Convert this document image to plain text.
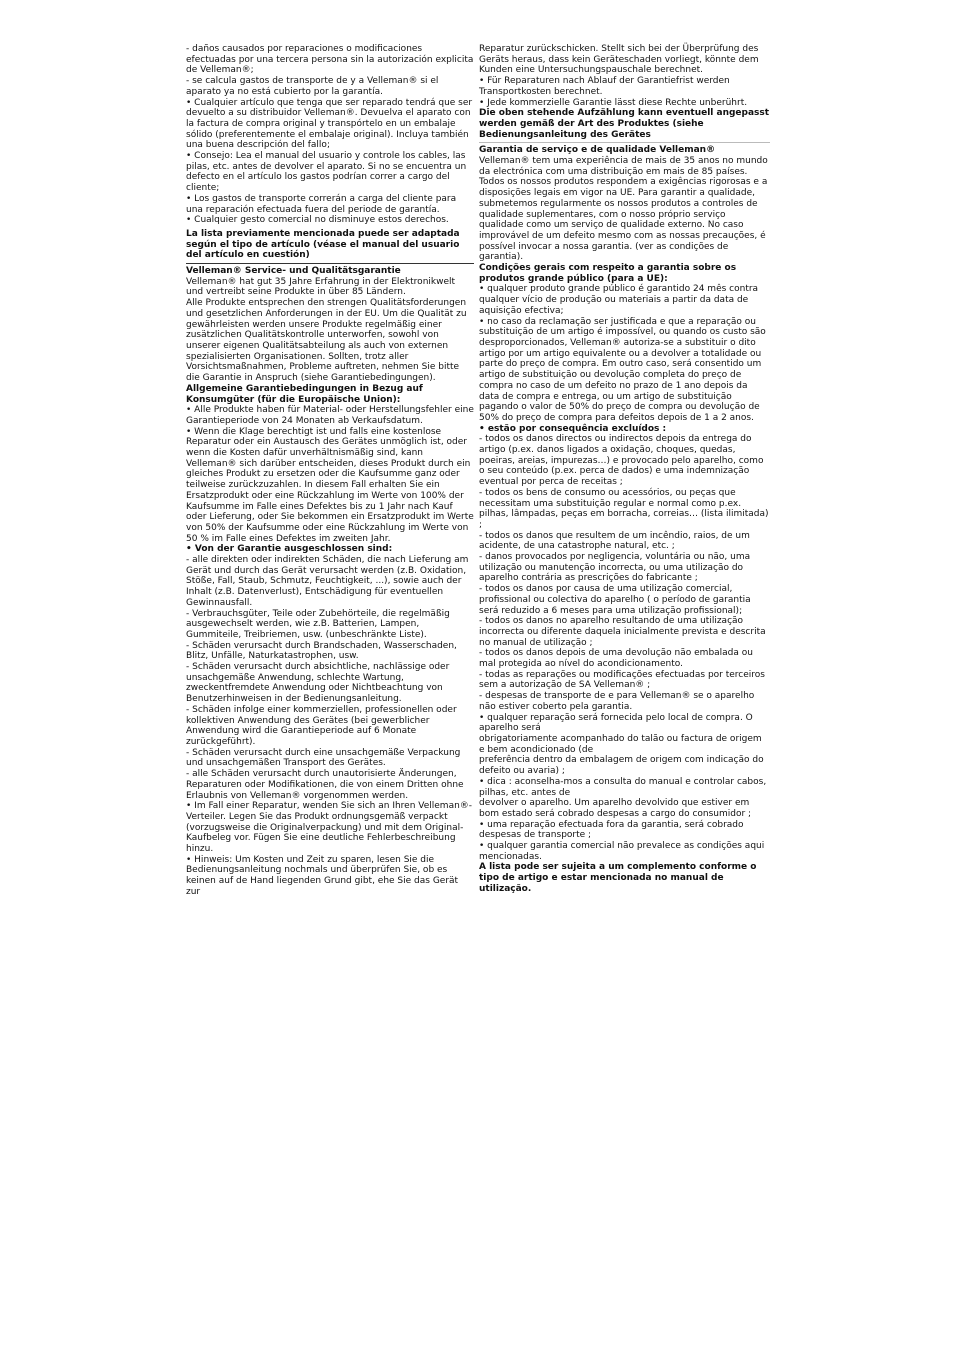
- daños causados por reparaciones o modificaciones efectuadas por una tercera persona sin la autorización explicita de Velleman®;

- se calcula gastos de transporte de y a Velleman® si el aparato ya no está cubierto por la garantía.

• Cualquier artículo que tenga que ser reparado tendrá que ser devuelto a su distribuidor Velleman®. Devuelva el aparato con la factura de compra original y transpórtelo en un embalaje sólido (preferentemente el embalaje original). Incluya también una buena descripción del fallo;

• Consejo: Lea el manual del usuario y controle los cables, las pilas, etc. antes de devolver el aparato. Si no se encuentra un defecto en el artículo los gastos podrían correr a cargo del cliente;

• Los gastos de transporte correrán a carga del cliente para una reparación efectuada fuera del periode de garantía.

• Cualquier gesto comercial no disminuye estos derechos.

La lista previamente mencionada puede ser adaptada según el tipo de artículo (véase el manual del usuario del artículo en cuestión)

Velleman® Service- und Qualitätsgarantie

Velleman® hat gut 35 Jahre Erfahrung in der Elektronikwelt und vertreibt seine Produkte in über 85 Ländern.

Alle Produkte entsprechen den strengen Qualitätsforderungen und gesetzlichen Anforderungen in der EU. Um die Qualität zu gewährleisten werden unsere Produkte regelmäßig einer zusätzlichen Qualitätskontrolle unterworfen, sowohl von unserer eigenen Qualitätsabteilung als auch von externen spezialisierten Organisationen. Sollten, trotz aller Vorsichtsmaßnahmen, Probleme auftreten, nehmen Sie bitte die Garantie in Anspruch (siehe Garantiebedingungen).

Allgemeine Garantiebedingungen in Bezug auf Konsumgüter (für die Europäische Union):

• Alle Produkte haben für Material- oder Herstellungsfehler eine Garantieperiode von 24 Monaten ab Verkaufsdatum.

• Wenn die Klage berechtigt ist und falls eine kostenlose Reparatur oder ein Austausch des Gerätes unmöglich ist, oder wenn die Kosten dafür unverhältnismäßig sind, kann Velleman® sich darüber entscheiden, dieses Produkt durch ein gleiches Produkt zu ersetzen oder die Kaufsumme ganz oder teilweise zurückzuzahlen. In diesem Fall erhalten Sie ein Ersatzprodukt oder eine Rückzahlung im Werte von 100% der Kaufsumme im Falle eines Defektes bis zu 1 Jahr nach Kauf oder Lieferung, oder Sie bekommen ein Ersatzprodukt im Werte von 50% der Kaufsumme oder eine Rückzahlung im Werte von 50 % im Falle eines Defektes im zweiten Jahr.

• Von der Garantie ausgeschlossen sind:

- alle direkten oder indirekten Schäden, die nach Lieferung am Gerät und durch das Gerät verursacht werden (z.B. Oxidation, Stöße, Fall, Staub, Schmutz, Feuchtigkeit, ...), sowie auch der Inhalt (z.B. Datenverlust), Entschädigung für eventuellen Gewinnausfall.

- Verbrauchsgüter, Teile oder Zubehörteile, die regelmäßig ausgewechselt werden, wie z.B. Batterien, Lampen, Gummiteile, Treibriemen, usw. (unbeschränkte Liste).

- Schäden verursacht durch Brandschaden, Wasserschaden, Blitz, Unfälle, Naturkatastrophen, usw.

- Schäden verursacht durch absichtliche, nachlässige oder unsachgemäße Anwendung, schlechte Wartung, zweckentfremdete Anwendung oder Nichtbeachtung von Benutzerhinweisen in der Bedienungsanleitung.

- Schäden infolge einer kommerziellen, professionellen oder kollektiven Anwendung des Gerätes (bei gewerblicher Anwendung wird die Garantieperiode auf 6 Monate zurückgeführt).

- Schäden verursacht durch eine unsachgemäße Verpackung und unsachgemäßen Transport des Gerätes.

- alle Schäden verursacht durch unautorisierte Änderungen, Reparaturen oder Modifikationen, die von einem Dritten ohne Erlaubnis von Velleman® vorgenommen werden.

• Im Fall einer Reparatur, wenden Sie sich an Ihren Velleman®-Verteiler. Legen Sie das Produkt ordnungsgemäß verpackt (vorzugsweise die Originalverpackung) und mit dem Original-Kaufbeleg vor. Fügen Sie eine deutliche Fehlerbeschreibung hinzu.

• Hinweis: Um Kosten und Zeit zu sparen, lesen Sie die Bedienungsanleitung nochmals und überprüfen Sie, ob es keinen auf de Hand liegenden Grund gibt, ehe Sie das Gerät zur

Reparatur zurückschicken. Stellt sich bei der Überprüfung des Geräts heraus, dass kein Geräteschaden vorliegt, könnte dem Kunden eine Untersuchungspauschale berechnet.

• Für Reparaturen nach Ablauf der Garantiefrist werden Transportkosten berechnet.

• Jede kommerzielle Garantie lässt diese Rechte unberührt.

Die oben stehende Aufzählung kann eventuell angepasst werden gemäß der Art des Produktes (siehe Bedienungsanleitung des Gerätes

Garantia de serviço e de qualidade Velleman®

Velleman® tem uma experiência de mais de 35 anos no mundo da electrónica com uma distribuição em mais de 85 países.

Todos os nossos produtos respondem a exigências rigorosas e a disposições legais em vigor na UE. Para garantir a qualidade, submetemos regularmente os nossos produtos a controles de qualidade suplementares, com o nosso próprio serviço qualidade como um serviço de qualidade externo. No caso improvável de um defeito mesmo com as nossas precauções, é possível invocar a nossa garantia. (ver as condições de garantia).

Condições gerais com respeito a garantia sobre os produtos grande público (para a UE):

• qualquer produto grande público é garantido 24 mês contra qualquer vício de produção ou materiais a partir da data de aquisição efectiva;

• no caso da reclamação ser justificada e que a reparação ou substituição de um artigo é impossível, ou quando os custo são desproporcionados, Velleman® autoriza-se a substituir o dito artigo por um artigo equivalente ou a devolver a totalidade ou parte do preço de compra. Em outro caso, será consentido um artigo de substituição ou devolução completa do preço de compra no caso de um defeito no prazo de 1 ano depois da data de compra e entrega, ou um artigo de substituição pagando o valor de 50% do preço de compra ou devolução de 50% do preço de compra para defeitos depois de 1 a 2 anos.

• estão por consequência excluídos :

- todos os danos directos ou indirectos depois da entrega do artigo (p.ex. danos ligados a oxidação, choques, quedas, poeiras, areias, impurezas…) e provocado pelo aparelho, como o seu conteúdo (p.ex. perca de dados) e uma indemnização eventual por perca de receitas ;

- todos os bens de consumo ou acessórios, ou peças que necessitam uma substituição regular e normal como p.ex. pilhas, lâmpadas, peças em borracha, correias… (lista ilimitada) ;

- todos os danos que resultem de um incêndio, raios, de um acidente, de una catastrophe natural, etc. ;

- danos provocados por negligencia, voluntária ou não, uma utilização ou manutenção incorrecta, ou uma utilização do aparelho contrária as prescrições do fabricante ;

- todos os danos por causa de uma utilização comercial, profissional ou colectiva do aparelho ( o período de garantia será reduzido a 6 meses para uma utilização profissional);

- todos os danos no aparelho resultando de uma utilização incorrecta ou diferente daquela inicialmente prevista e descrita no manual de utilização ;

- todos os danos depois de uma devolução não embalada ou mal protegida ao nível do acondicionamento.

- todas as reparações ou modificações efectuadas por terceiros sem a autorização de SA Velleman® ;

- despesas de transporte de e para Velleman® se o aparelho não estiver coberto pela garantia.

• qualquer reparação será fornecida pelo local de compra. O aparelho será

obrigatoriamente acompanhado do talão ou factura de origem e bem acondicionado (de

preferência dentro da embalagem de origem com indicação do defeito ou avaria) ;

• dica : aconselha-mos a consulta do manual e controlar cabos, pilhas, etc. antes de

devolver o aparelho. Um aparelho devolvido que estiver em bom estado será cobrado despesas a cargo do consumidor ;

• uma reparação efectuada fora da garantia, será cobrado despesas de transporte ;

• qualquer garantia comercial não prevalece as condições aqui mencionadas.

A lista pode ser sujeita a um complemento conforme o tipo de artigo e estar mencionada no manual de utilização.
